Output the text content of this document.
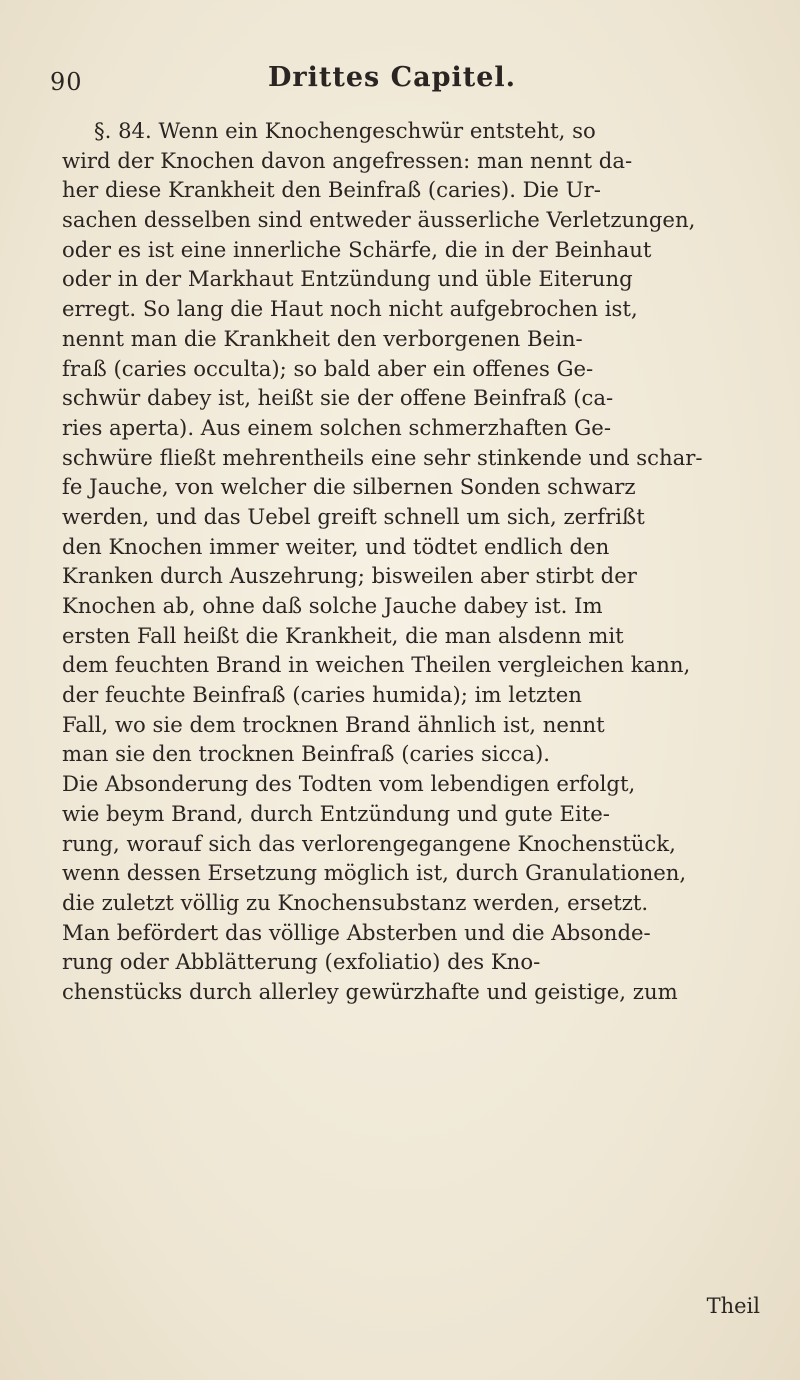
90	Drittes Capitel.
§. 84. Wenn ein Knochengeschwür entsteht, so
wird der Knochen davon angefressen: man nennt da-
her diese Krankheit den Beinfraß (caries). Die Ur-
sachen desselben sind entweder äusserliche Verletzungen,
oder es ist eine innerliche Schärfe, die in der Beinhaut
oder in der Markhaut Entzündung und üble Eiterung
erregt. So lang die Haut noch nicht aufgebrochen ist,
nennt man die Krankheit den verborgenen Bein-
fraß (caries occulta); so bald aber ein offenes Ge-
schwür dabey ist, heißt sie der offene Beinfraß (ca-
ries aperta). Aus einem solchen schmerzhaften Ge-
schwüre fließt mehrentheils eine sehr stinkende und schar-
fe Jauche, von welcher die silbernen Sonden schwarz
werden, und das Uebel greift schnell um sich, zerfrißt
den Knochen immer weiter, und tödtet endlich den
Kranken durch Auszehrung; bisweilen aber stirbt der
Knochen ab, ohne daß solche Jauche dabey ist. Im
ersten Fall heißt die Krankheit, die man alsdenn mit
dem feuchten Brand in weichen Theilen vergleichen kann,
der feuchte Beinfraß (caries humida); im letzten
Fall, wo sie dem trocknen Brand ähnlich ist, nennt
man sie den trocknen Beinfraß (caries sicca).
Die Absonderung des Todten vom lebendigen erfolgt,
wie beym Brand, durch Entzündung und gute Eite-
rung, worauf sich das verlorengegangene Knochenstück,
wenn dessen Ersetzung möglich ist, durch Granulationen,
die zuletzt völlig zu Knochensubstanz werden, ersetzt.
Man befördert das völlige Absterben und die Absonde-
rung oder Abblätterung (exfoliatio) des Kno-
chenstücks durch allerley gewürzhafte und geistige, zum
Theil
